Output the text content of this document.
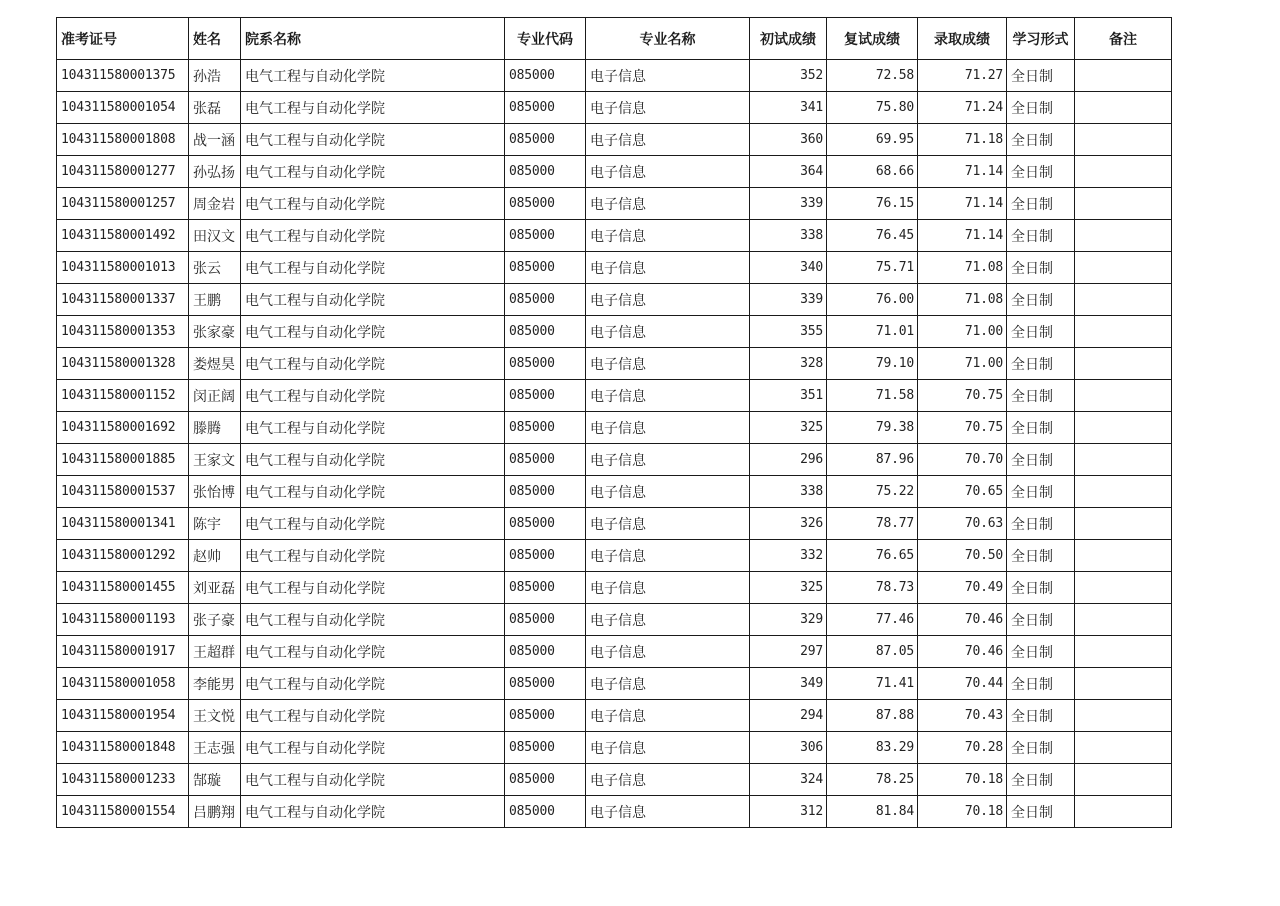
准考证号	姓名	院系名称	专业代码	专业名称	初试成绩	复试成绩	录取成绩	学习形式	备注
104311580001375	孙浩	电气工程与自动化学院	085000	电子信息	352	72.58	71.27	全日制	
104311580001054	张磊	电气工程与自动化学院	085000	电子信息	341	75.80	71.24	全日制	
104311580001808	战一涵	电气工程与自动化学院	085000	电子信息	360	69.95	71.18	全日制	
104311580001277	孙弘扬	电气工程与自动化学院	085000	电子信息	364	68.66	71.14	全日制	
104311580001257	周金岩	电气工程与自动化学院	085000	电子信息	339	76.15	71.14	全日制	
104311580001492	田汉文	电气工程与自动化学院	085000	电子信息	338	76.45	71.14	全日制	
104311580001013	张云	电气工程与自动化学院	085000	电子信息	340	75.71	71.08	全日制	
104311580001337	王鹏	电气工程与自动化学院	085000	电子信息	339	76.00	71.08	全日制	
104311580001353	张家豪	电气工程与自动化学院	085000	电子信息	355	71.01	71.00	全日制	
104311580001328	娄煜昊	电气工程与自动化学院	085000	电子信息	328	79.10	71.00	全日制	
104311580001152	闵正阔	电气工程与自动化学院	085000	电子信息	351	71.58	70.75	全日制	
104311580001692	滕腾	电气工程与自动化学院	085000	电子信息	325	79.38	70.75	全日制	
104311580001885	王家文	电气工程与自动化学院	085000	电子信息	296	87.96	70.70	全日制	
104311580001537	张怡博	电气工程与自动化学院	085000	电子信息	338	75.22	70.65	全日制	
104311580001341	陈宇	电气工程与自动化学院	085000	电子信息	326	78.77	70.63	全日制	
104311580001292	赵帅	电气工程与自动化学院	085000	电子信息	332	76.65	70.50	全日制	
104311580001455	刘亚磊	电气工程与自动化学院	085000	电子信息	325	78.73	70.49	全日制	
104311580001193	张子豪	电气工程与自动化学院	085000	电子信息	329	77.46	70.46	全日制	
104311580001917	王超群	电气工程与自动化学院	085000	电子信息	297	87.05	70.46	全日制	
104311580001058	李能男	电气工程与自动化学院	085000	电子信息	349	71.41	70.44	全日制	
104311580001954	王文悦	电气工程与自动化学院	085000	电子信息	294	87.88	70.43	全日制	
104311580001848	王志强	电气工程与自动化学院	085000	电子信息	306	83.29	70.28	全日制	
104311580001233	郜璇	电气工程与自动化学院	085000	电子信息	324	78.25	70.18	全日制	
104311580001554	吕鹏翔	电气工程与自动化学院	085000	电子信息	312	81.84	70.18	全日制	
